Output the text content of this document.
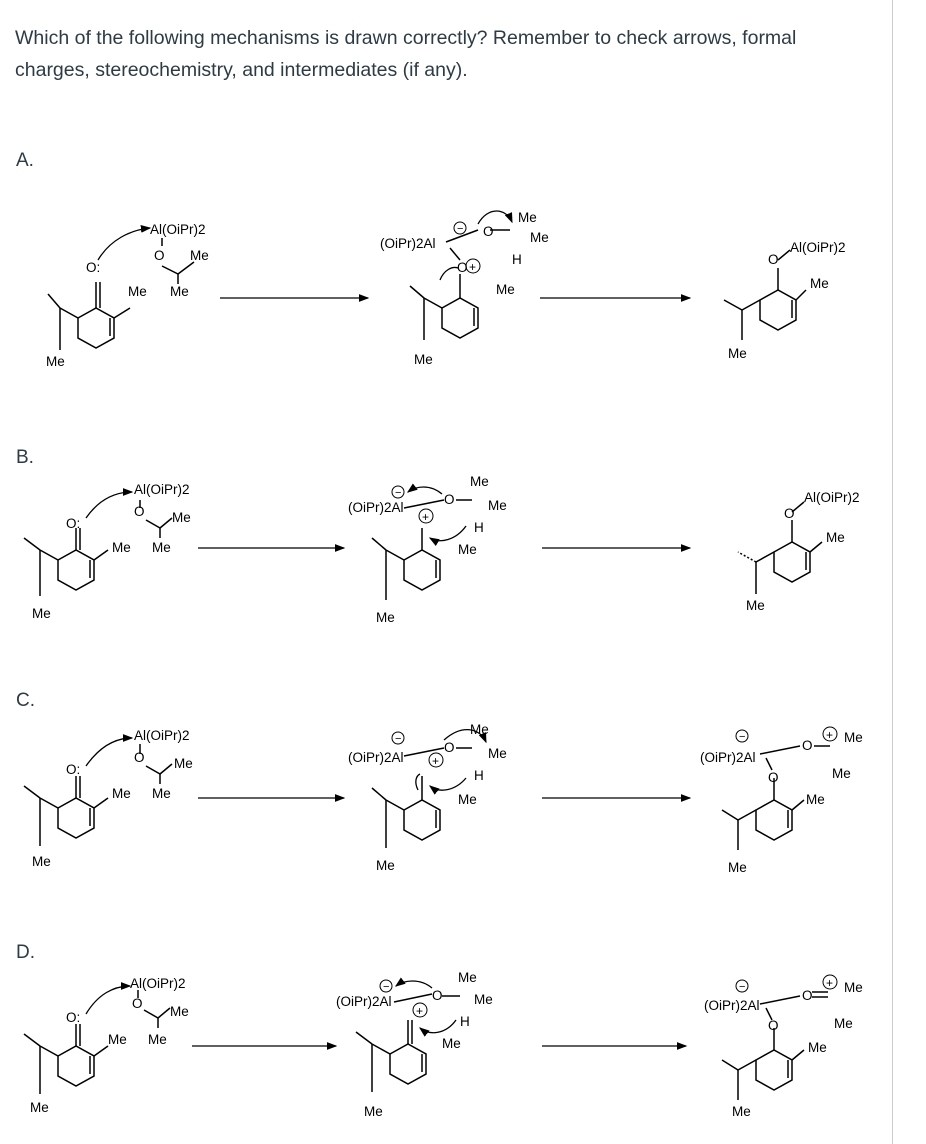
Which of the following mechanisms is drawn correctly? Remember to check arrows, formal charges, stereochemistry, and intermediates (if any).
A.
B.
C.
D.
Al(OiPr)2
O Me
O:
Me Me
Me
+
−
(OiPr)2Al
O
O
Me
Me
H
Me
Me
O
Al(OiPr)2
Me
Me
Al(OiPr)2
O Me
O:
Me Me
Me
+
−
(OiPr)2Al
O
Me
Me
H
Me
Me
O
Al(OiPr)2
Me
Me
Al(OiPr)2
O Me
O:
Me Me
Me
+
−
(OiPr)2Al
O
Me
Me
H
Me
Me
+
−
(OiPr)2Al
O
O
Me
Me
Me
Me
Al(OiPr)2
O
Me
O:
Me Me
Me
+
−
(OiPr)2Al	O
Me
Me
H
Me
Me
+
−
(OiPr)2Al
O
O
Me
Me
Me
Me
